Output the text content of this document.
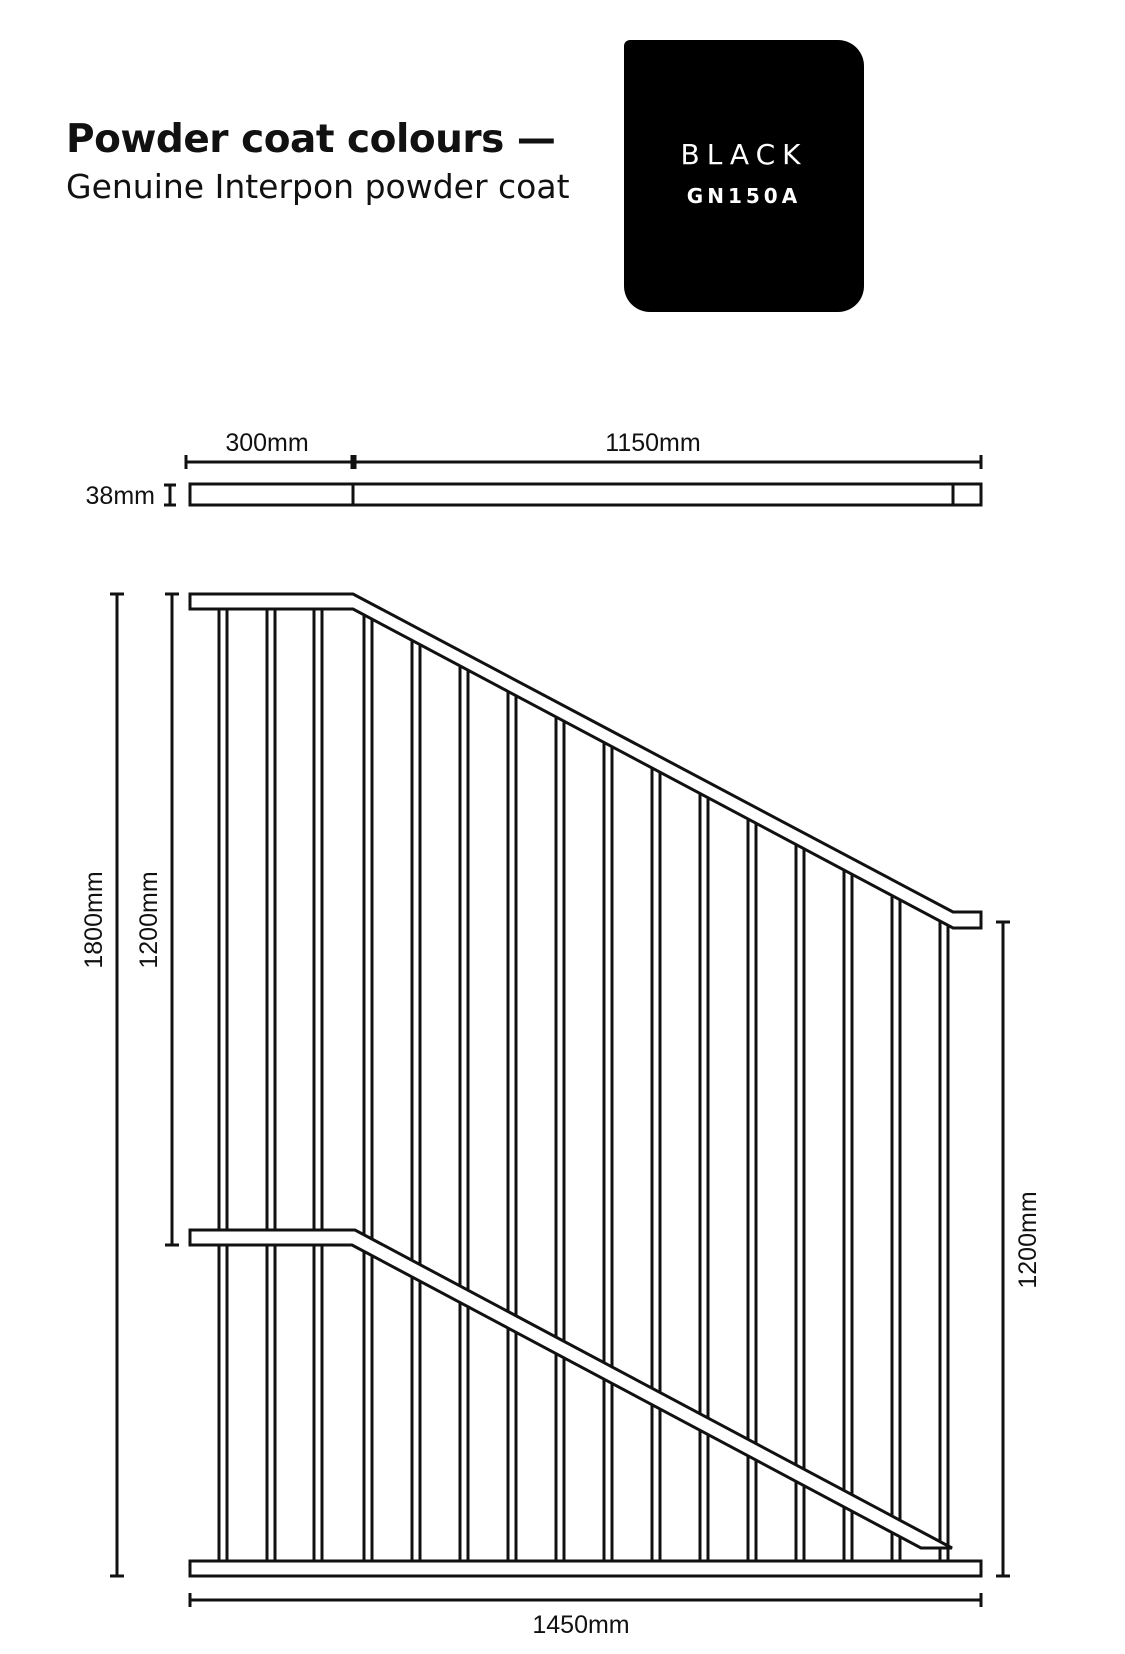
Powder coat colours —
Genuine Interpon powder coat
BLACK
GN150A
300mm	1150mm
38mm
1800mm 1200mm
1200mm
1450mm
